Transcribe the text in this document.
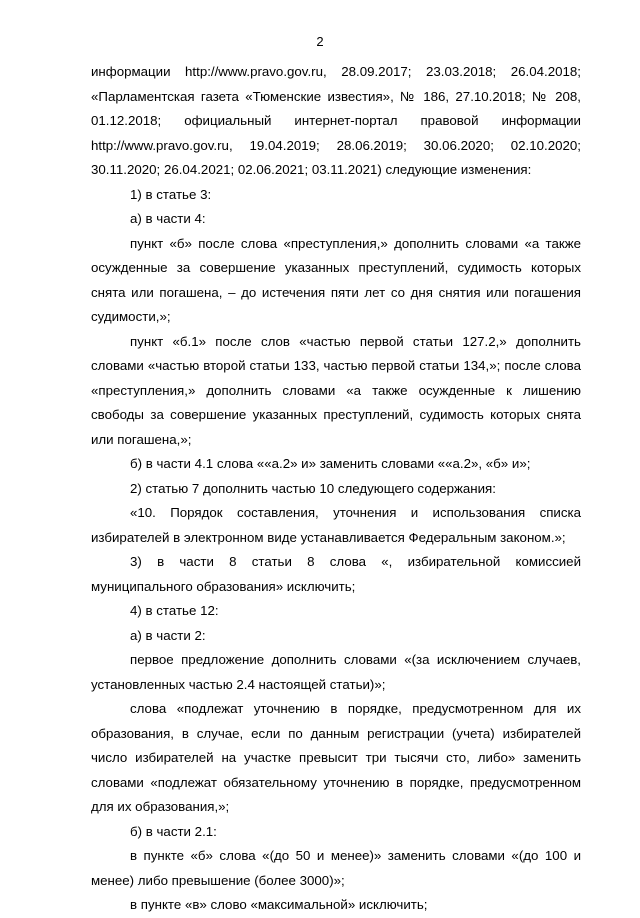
2

информации http://www.pravo.gov.ru, 28.09.2017; 23.03.2018; 26.04.2018; «Парламентская газета «Тюменские известия», № 186, 27.10.2018; № 208, 01.12.2018; официальный интернет-портал правовой информации http://www.pravo.gov.ru, 19.04.2019; 28.06.2019; 30.06.2020; 02.10.2020; 30.11.2020; 26.04.2021; 02.06.2021; 03.11.2021) следующие изменения:

1) в статье 3:

а) в части 4:

пункт «б» после слова «преступления,» дополнить словами «а также осужденные за совершение указанных преступлений, судимость которых снята или погашена, – до истечения пяти лет со дня снятия или погашения судимости,»;

пункт «б.1» после слов «частью первой статьи 127.2,» дополнить словами «частью второй статьи 133, частью первой статьи 134,»; после слова «преступления,» дополнить словами «а также осужденные к лишению свободы за совершение указанных преступлений, судимость которых снята или погашена,»;

б) в части 4.1 слова ««а.2» и» заменить словами ««а.2», «б» и»;

2) статью 7 дополнить частью 10 следующего содержания:

«10. Порядок составления, уточнения и использования списка избирателей в электронном виде устанавливается Федеральным законом.»;

3) в части 8 статьи 8 слова «, избирательной комиссией муниципального образования» исключить;

4) в статье 12:

а) в части 2:

первое предложение дополнить словами «(за исключением случаев, установленных частью 2.4 настоящей статьи)»;

слова «подлежат уточнению в порядке, предусмотренном для их образования, в случае, если по данным регистрации (учета) избирателей число избирателей на участке превысит три тысячи сто, либо» заменить словами «подлежат обязательному уточнению в порядке, предусмотренном для их образования,»;

б) в части 2.1:

в пункте «б» слова «(до 50 и менее)» заменить словами «(до 100 и менее) либо превышение (более 3000)»;

в пункте «в» слово «максимальной» исключить;
